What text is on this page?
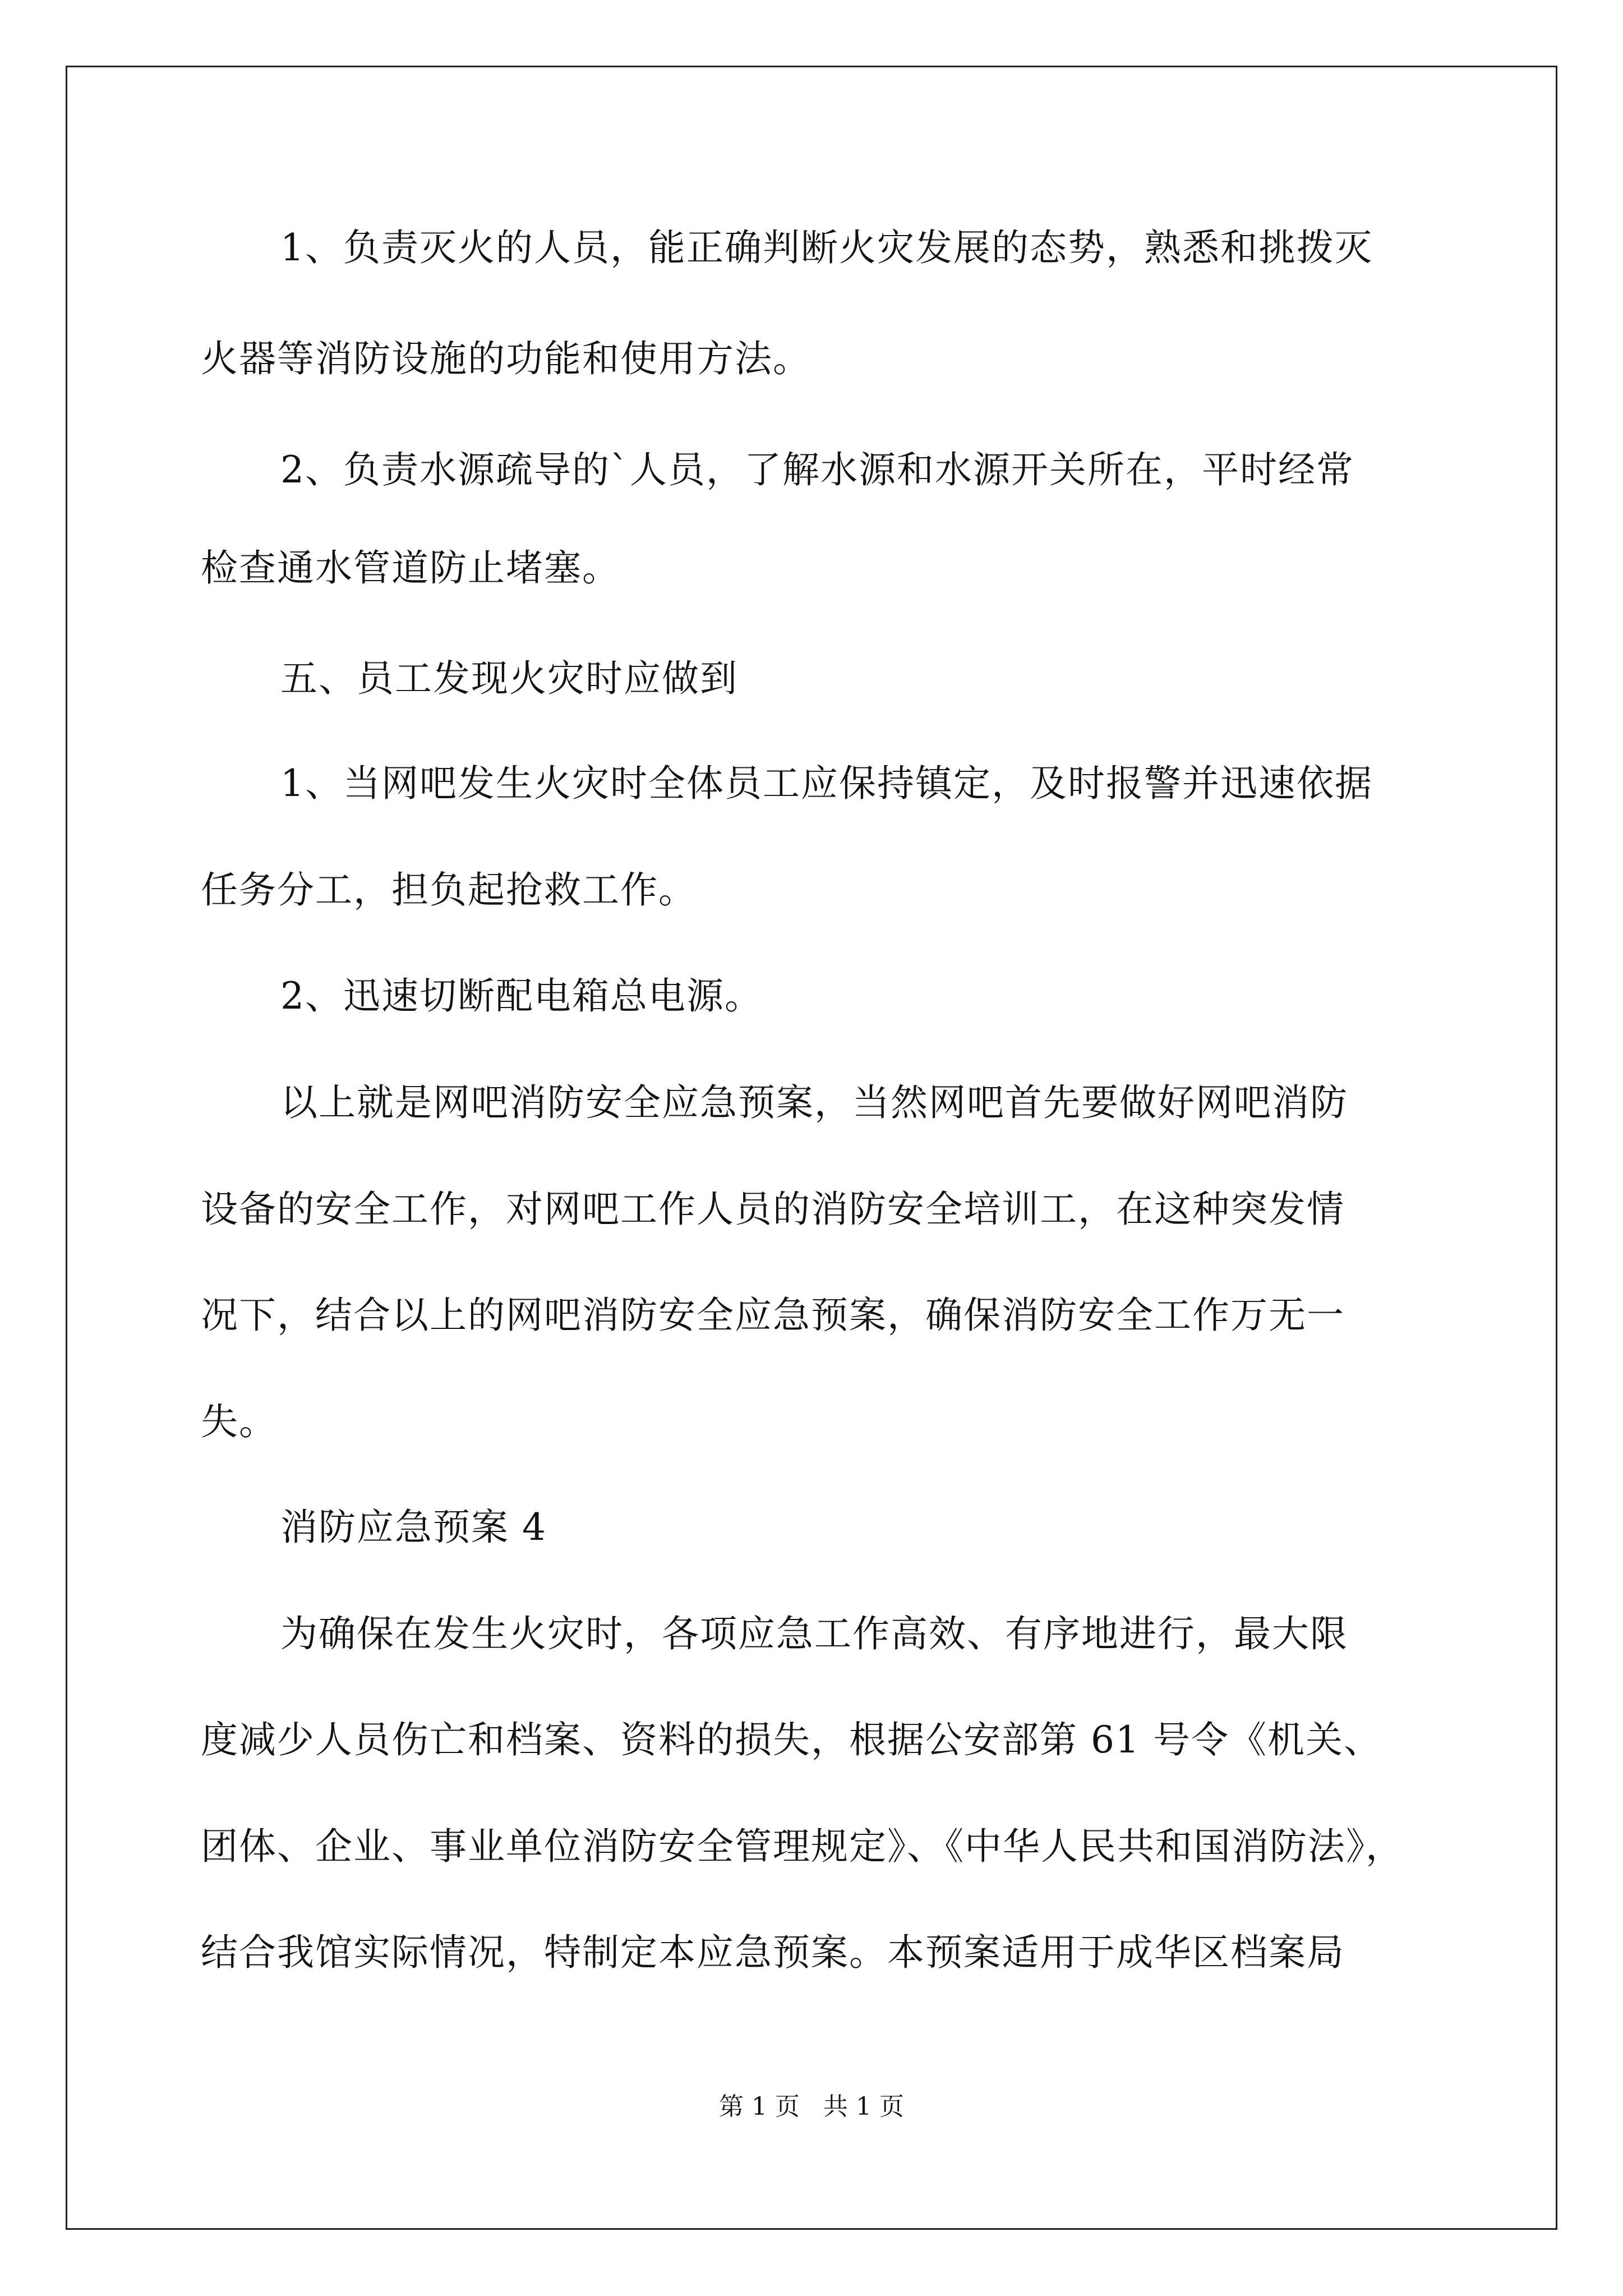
1、负责灭火的人员，能正确判断火灾发展的态势，熟悉和挑拨灭

火器等消防设施的功能和使用方法。

2、负责水源疏导的`人员，了解水源和水源开关所在，平时经常

检查通水管道防止堵塞。

五、员工发现火灾时应做到

1、当网吧发生火灾时全体员工应保持镇定，及时报警并迅速依据

任务分工，担负起抢救工作。

2、迅速切断配电箱总电源。

以上就是网吧消防安全应急预案，当然网吧首先要做好网吧消防

设备的安全工作，对网吧工作人员的消防安全培训工，在这种突发情

况下，结合以上的网吧消防安全应急预案，确保消防安全工作万无一

失。

消防应急预案 4

为确保在发生火灾时，各项应急工作高效、有序地进行，最大限

度减少人员伤亡和档案、资料的损失，根据公安部第 61 号令《机关、

团体、企业、事业单位消防安全管理规定》、《中华人民共和国消防法》，

结合我馆实际情况，特制定本应急预案。本预案适用于成华区档案局

第 1 页   共 1 页
